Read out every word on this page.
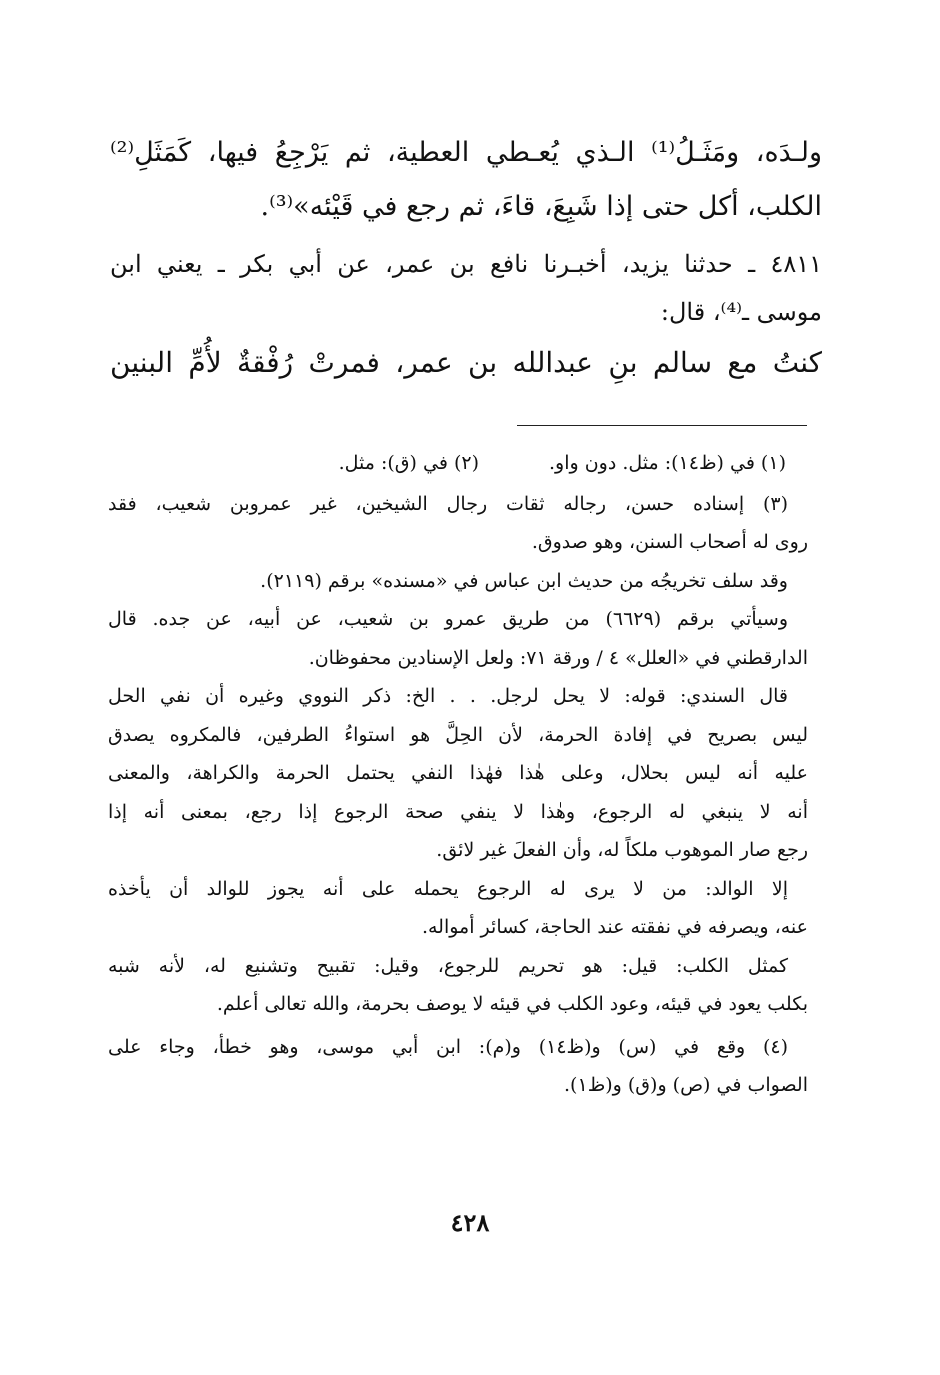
ولـدَه، ومَثَـلُ⁽¹⁾ الـذي يُعـطي العطية، ثم يَرْجِعُ فيها، كَمَثَلِ⁽²⁾
الكلب، أكل حتى إذا شَبِعَ، قاءَ، ثم رجع في قَيْئه»⁽³⁾.
٤٨١١ ـ حدثنا يزيد، أخبـرنا نافع بن عمر، عن أبي بكر ـ يعني ابن
موسى ـ⁽⁴⁾، قال:
كنتُ مع سالم بنِ عبدالله بن عمر، فمرتْ رُفْقةٌ لأُمِّ البنين
(١) في (ظ١٤): مثل. دون واو.
(٢) في (ق): مثل.
(٣) إسناده حسن، رجاله ثقات رجال الشيخين، غير عمروبن شعيب، فقد
روى له أصحاب السنن، وهو صدوق.
وقد سلف تخريجُه من حديث ابن عباس في «مسنده» برقم (٢١١٩).
وسيأتي برقم (٦٦٢٩) من طريق عمرو بن شعيب، عن أبيه، عن جده. قال
الدارقطني في «العلل» ٤ / ورقة ٧١: ولعل الإسنادين محفوظان.
قال السندي: قوله: لا يحل لرجل. . . الخ: ذكر النووي وغيره أن نفي الحل
ليس بصريح في إفادة الحرمة، لأن الحِلَّ هو استواءُ الطرفين، فالمكروه يصدق
عليه أنه ليس بحلال، وعلى هٰذا فهٰذا النفي يحتمل الحرمة والكراهة، والمعنى
أنه لا ينبغي له الرجوع، وهٰذا لا ينفي صحة الرجوع إذا رجع، بمعنى أنه إذا
رجع صار الموهوب ملكاً له، وأن الفعلَ غير لائق.
إلا الوالد: من لا يرى له الرجوع يحمله على أنه يجوز للوالد أن يأخذه
عنه، ويصرفه في نفقته عند الحاجة، كسائر أمواله.
كمثل الكلب: قيل: هو تحريم للرجوع، وقيل: تقبيح وتشنيع له، لأنه شبه
بكلب يعود في قيئه، وعود الكلب في قيئه لا يوصف بحرمة، والله تعالى أعلم.
(٤) وقع في (س) و(ظ١٤) و(م): ابن أبي موسى، وهو خطأ، وجاء على
الصواب في (ص) و(ق) و(ظ١).
٤٢٨
